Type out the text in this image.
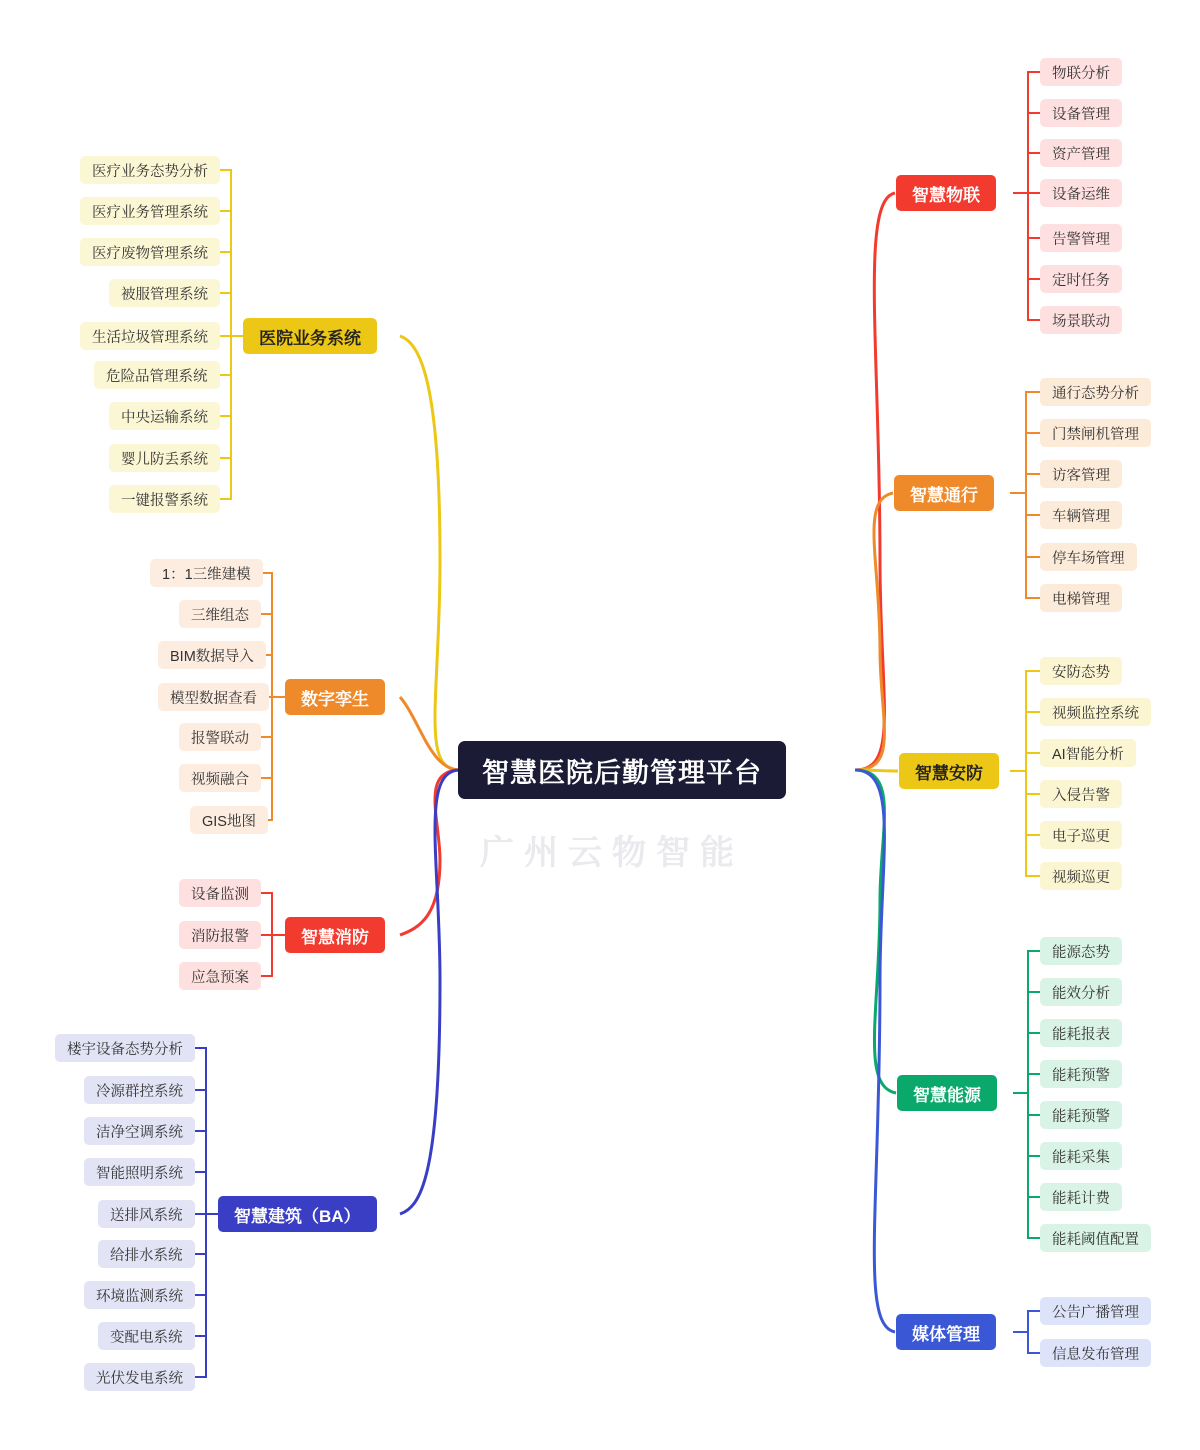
智慧医院后勤管理平台
广州云物智能
智慧物联
物联分析
设备管理
资产管理
设备运维
告警管理
定时任务
场景联动
智慧通行
通行态势分析
门禁闸机管理
访客管理
车辆管理
停车场管理
电梯管理
智慧安防
安防态势
视频监控系统
AI智能分析
入侵告警
电子巡更
视频巡更
智慧能源
能源态势
能效分析
能耗报表
能耗预警
能耗预警
能耗采集
能耗计费
能耗阈值配置
媒体管理
公告广播管理
信息发布管理
医院业务系统
医疗业务态势分析
医疗业务管理系统
医疗废物管理系统
被服管理系统
生活垃圾管理系统
危险品管理系统
中央运输系统
婴儿防丢系统
一键报警系统
数字孪生
1：1三维建模
三维组态
BIM数据导入
模型数据查看
报警联动
视频融合
GIS地图
智慧消防
设备监测
消防报警
应急预案
智慧建筑（BA）
楼宇设备态势分析
冷源群控系统
洁净空调系统
智能照明系统
送排风系统
给排水系统
环境监测系统
变配电系统
光伏发电系统
